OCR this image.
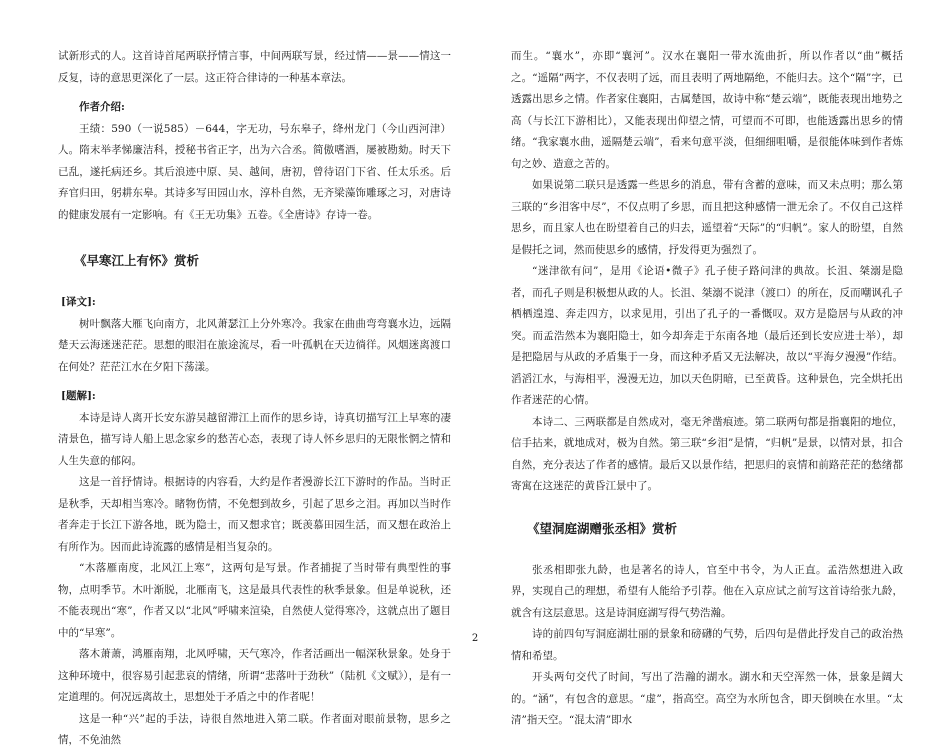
试新形式的人。这首诗首尾两联抒情言事，中间两联写景，经过情——景——情这一反复，诗的意思更深化了一层。这正符合律诗的一种基本章法。

作者介绍:

王绩：590（一说585）－644，字无功，号东皋子，绛州龙门（今山西河津）人。隋末举孝悌廉洁科，授秘书省正字，出为六合丞。简傲嗜酒，屡被勘劾。时天下已乱，遂托病还乡。其后浪迹中原、吴、越间，唐初，曾待诏门下省、任太乐丞。后弃官归田，躬耕东皋。其诗多写田园山水，淳朴自然，无齐梁藻饰雕琢之习，对唐诗的健康发展有一定影响。有《王无功集》五卷。《全唐诗》存诗一卷。

《早寒江上有怀》赏析

[译文]:

树叶飘落大雁飞向南方，北风萧瑟江上分外寒冷。我家在曲曲弯弯襄水边，远隔楚天云海迷迷茫茫。思想的眼泪在旅途流尽，看一叶孤帆在天边徜徉。风烟迷离渡口在何处？茫茫江水在夕阳下荡漾。

[题解]:

本诗是诗人离开长安东游吴越留滞江上而作的思乡诗，诗真切描写江上早寒的凄清景色，描写诗人船上思念家乡的愁苦心态，表现了诗人怀乡思归的无限怅惘之情和人生失意的郁闷。

这是一首抒情诗。根据诗的内容看，大约是作者漫游长江下游时的作品。当时正是秋季，天却相当寒冷。睹物伤情，不免想到故乡，引起了思乡之泪。再加以当时作者奔走于长江下游各地，既为隐士，而又想求官；既羡慕田园生活，而又想在政治上有所作为。因而此诗流露的感情是相当复杂的。

“木落雁南度，北风江上寒”，这两句是写景。作者捕捉了当时带有典型性的事物，点明季节。木叶渐脱，北雁南飞，这是最具代表性的秋季景象。但是单说秋，还不能表现出“寒”，作者又以“北风”呼啸来渲染，自然使人觉得寒冷，这就点出了题目中的“早寒”。

落木萧萧，鸿雁南翔，北风呼啸，天气寒冷，作者活画出一幅深秋景象。处身于这种环境中，很容易引起悲哀的情绪，所谓“悲落叶于劲秋”（陆机《文赋》），是有一定道理的。何况远离故土，思想处于矛盾之中的作者呢！

这是一种“兴”起的手法，诗很自然地进入第二联。作者面对眼前景物，思乡之情，不免油然

而生。“襄水”，亦即“襄河”。汉水在襄阳一带水流曲折，所以作者以“曲”概括之。“遥隔”两字，不仅表明了远，而且表明了两地隔绝，不能归去。这个“隔”字，已透露出思乡之情。作者家住襄阳，古属楚国，故诗中称“楚云端”，既能表现出地势之高（与长江下游相比），又能表现出仰望之情，可望而不可即，也能透露出思乡的情绪。“我家襄水曲，遥隔楚云端”，看来句意平淡，但细细咀嚼，是很能体味到作者炼句之妙、造意之苦的。

如果说第二联只是透露一些思乡的消息，带有含蓄的意味，而又未点明；那么第三联的“乡泪客中尽”，不仅点明了乡思，而且把这种感情一泄无余了。不仅自己这样思乡，而且家人也在盼望着自己的归去，遥望着“天际”的“归帆”。家人的盼望，自然是假托之词，然而使思乡的感情，抒发得更为强烈了。

“迷津欲有问”，是用《论语•微子》孔子使子路问津的典故。长沮、桀溺是隐者，而孔子则是积极想从政的人。长沮、桀溺不说津（渡口）的所在，反而嘲讽孔子栖栖遑遑、奔走四方，以求见用，引出了孔子的一番慨叹。双方是隐居与从政的冲突。而孟浩然本为襄阳隐士，如今却奔走于东南各地（最后还到长安应进士举），却是把隐居与从政的矛盾集于一身，而这种矛盾又无法解决，故以“平海夕漫漫”作结。滔滔江水，与海相平，漫漫无边，加以天色阴暗，已至黄昏。这种景色，完全烘托出作者迷茫的心情。

本诗二、三两联都是自然成对，毫无斧凿痕迹。第二联两句都是指襄阳的地位，信手拈来，就地成对，极为自然。第三联“乡泪”是情，“归帆”是景，以情对景，扣合自然，充分表达了作者的感情。最后又以景作结，把思归的哀情和前路茫茫的愁绪都寄寓在这迷茫的黄昏江景中了。

《望洞庭湖赠张丞相》赏析

张丞相即张九龄，也是著名的诗人，官至中书令，为人正直。孟浩然想进入政界，实现自己的理想，希望有人能给予引荐。他在入京应试之前写这首诗给张九龄，就含有这层意思。这是诗洞庭湖写得气势浩瀚。

诗的前四句写洞庭湖壮丽的景象和磅礴的气势，后四句是借此抒发自己的政治热情和希望。

开头两句交代了时间，写出了浩瀚的湖水。湖水和天空浑然一体，景象是阔大的。“涵”，有包含的意思。“虚”，指高空。高空为水所包含，即天倒映在水里。“太清”指天空。“混太清”即水

2
